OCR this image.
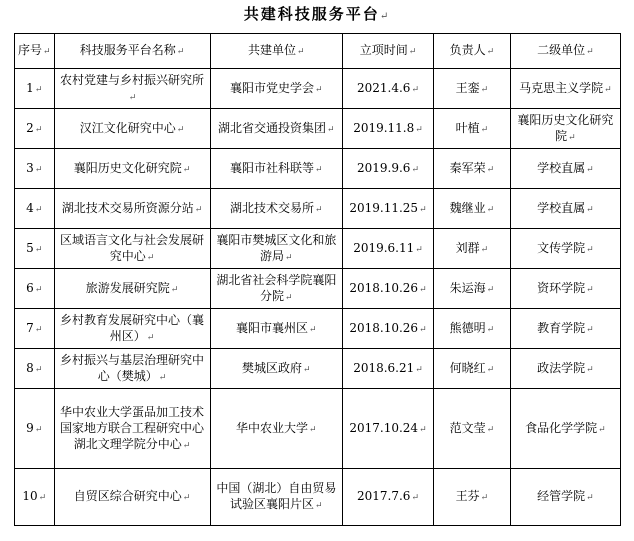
共建科技服务平台↵
序号↵	科技服务平台名称↵	共建单位↵	立项时间↵	负责人↵	二级单位↵
1↵	农村党建与乡村振兴研究所↵	襄阳市党史学会↵	2021.4.6↵	王銮↵	马克思主义学院↵
2↵	汉江文化研究中心↵	湖北省交通投资集团↵	2019.11.8↵	叶植↵	襄阳历史文化研究院↵
3↵	襄阳历史文化研究院↵	襄阳市社科联等↵	2019.9.6↵	秦军荣↵	学校直属↵
4↵	湖北技术交易所资源分站↵	湖北技术交易所↵	2019.11.25↵	魏继业↵	学校直属↵
5↵	区域语言文化与社会发展研究中心↵	襄阳市樊城区文化和旅游局↵	2019.6.11↵	刘群↵	文传学院↵
6↵	旅游发展研究院↵	湖北省社会科学院襄阳分院↵	2018.10.26↵	朱运海↵	资环学院↵
7↵	乡村教育发展研究中心（襄州区）↵	襄阳市襄州区↵	2018.10.26↵	熊德明↵	教育学院↵
8↵	乡村振兴与基层治理研究中心（樊城）↵	樊城区政府↵	2018.6.21↵	何晓红↵	政法学院↵
9↵	华中农业大学蛋品加工技术国家地方联合工程研究中心湖北文理学院分中心↵	华中农业大学↵	2017.10.24↵	范文莹↵	食品化学学院↵
10↵	自贸区综合研究中心↵	中国（湖北）自由贸易试验区襄阳片区↵	2017.7.6↵	王芬↵	经管学院↵
